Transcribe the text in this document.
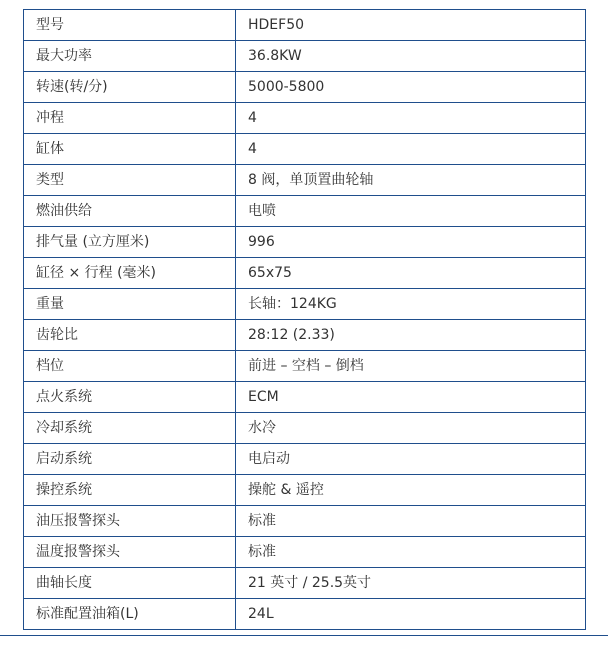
型号	HDEF50
最大功率	36.8KW
转速(转/分)	5000-5800
冲程	4
缸体	4
类型	8 阀，单顶置曲轮轴
燃油供给	电喷
排气量 (立方厘米)	996
缸径 × 行程 (毫米)	65x75
重量	长轴：124KG
齿轮比	28:12 (2.33)
档位	前进 – 空档 – 倒档
点火系统	ECM
冷却系统	水冷
启动系统	电启动
操控系统	操舵 & 遥控
油压报警探头	标准
温度报警探头	标准
曲轴长度	21 英寸 / 25.5英寸
标准配置油箱(L)	24L
